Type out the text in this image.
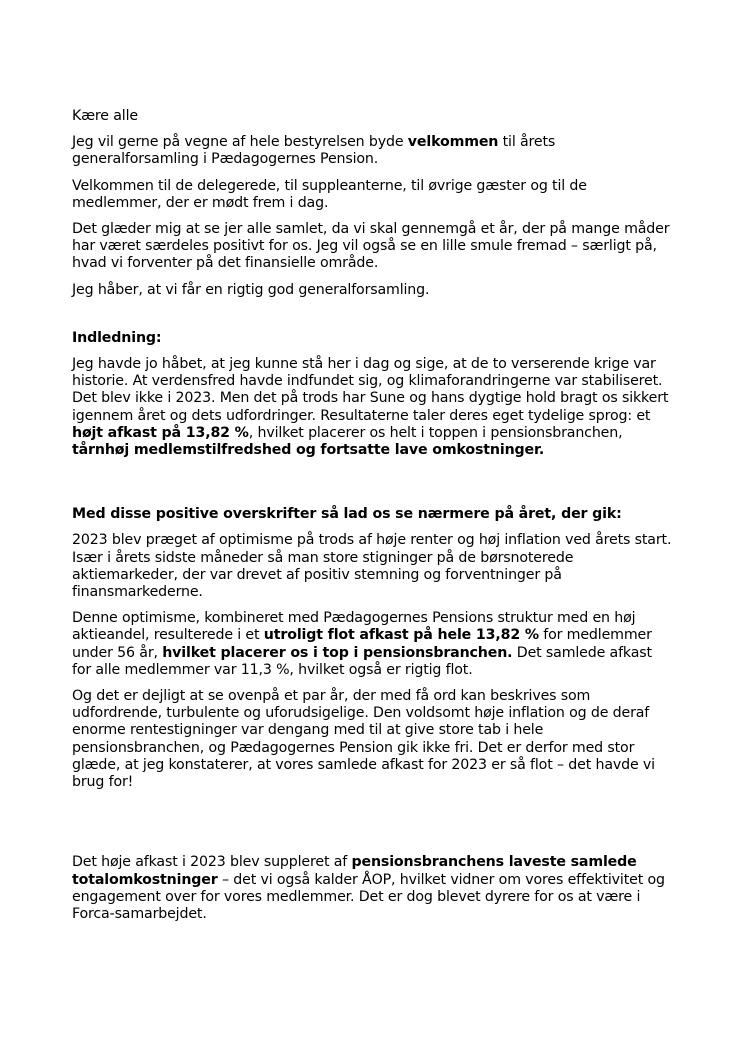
Kære alle

Jeg vil gerne på vegne af hele bestyrelsen byde velkommen til årets generalforsamling i Pædagogernes Pension.

Velkommen til de delegerede, til suppleanterne, til øvrige gæster og til de medlemmer, der er mødt frem i dag.

Det glæder mig at se jer alle samlet, da vi skal gennemgå et år, der på mange måder har været særdeles positivt for os. Jeg vil også se en lille smule fremad – særligt på, hvad vi forventer på det finansielle område.

Jeg håber, at vi får en rigtig god generalforsamling.

Indledning:

Jeg havde jo håbet, at jeg kunne stå her i dag og sige, at de to verserende krige var historie. At verdensfred havde indfundet sig, og klimaforandringerne var stabiliseret. Det blev ikke i 2023. Men det på trods har Sune og hans dygtige hold bragt os sikkert igennem året og dets udfordringer. Resultaterne taler deres eget tydelige sprog: et højt afkast på 13,82 %, hvilket placerer os helt i toppen i pensionsbranchen, tårnhøj medlemstilfredshed og fortsatte lave omkostninger.

Med disse positive overskrifter så lad os se nærmere på året, der gik:

2023 blev præget af optimisme på trods af høje renter og høj inflation ved årets start. Især i årets sidste måneder så man store stigninger på de børsnoterede aktiemarkeder, der var drevet af positiv stemning og forventninger på finansmarkederne.

Denne optimisme, kombineret med Pædagogernes Pensions struktur med en høj aktieandel, resulterede i et utroligt flot afkast på hele 13,82 % for medlemmer under 56 år, hvilket placerer os i top i pensionsbranchen. Det samlede afkast for alle medlemmer var 11,3 %, hvilket også er rigtig flot.

Og det er dejligt at se ovenpå et par år, der med få ord kan beskrives som udfordrende, turbulente og uforudsigelige. Den voldsomt høje inflation og de deraf enorme rentestigninger var dengang med til at give store tab i hele pensionsbranchen, og Pædagogernes Pension gik ikke fri. Det er derfor med stor glæde, at jeg konstaterer, at vores samlede afkast for 2023 er så flot – det havde vi brug for!

Det høje afkast i 2023 blev suppleret af pensionsbranchens laveste samlede totalomkostninger – det vi også kalder ÅOP, hvilket vidner om vores effektivitet og engagement over for vores medlemmer. Det er dog blevet dyrere for os at være i Forca-samarbejdet.
